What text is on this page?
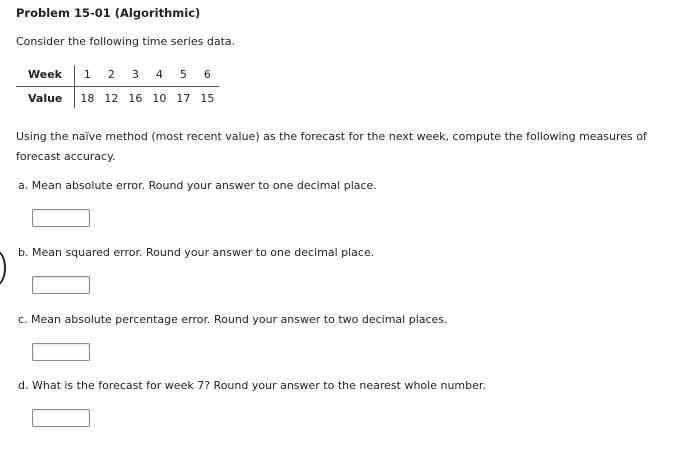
Problem 15-01 (Algorithmic)
Consider the following time series data.
Week	1	2	3	4	5	6
Value	18	12	16	10	17	15
Using the naïve method (most recent value) as the forecast for the next week, compute the following measures of forecast accuracy.
a. Mean absolute error. Round your answer to one decimal place.
b. Mean squared error. Round your answer to one decimal place.
c. Mean absolute percentage error. Round your answer to two decimal places.
d. What is the forecast for week 7? Round your answer to the nearest whole number.
